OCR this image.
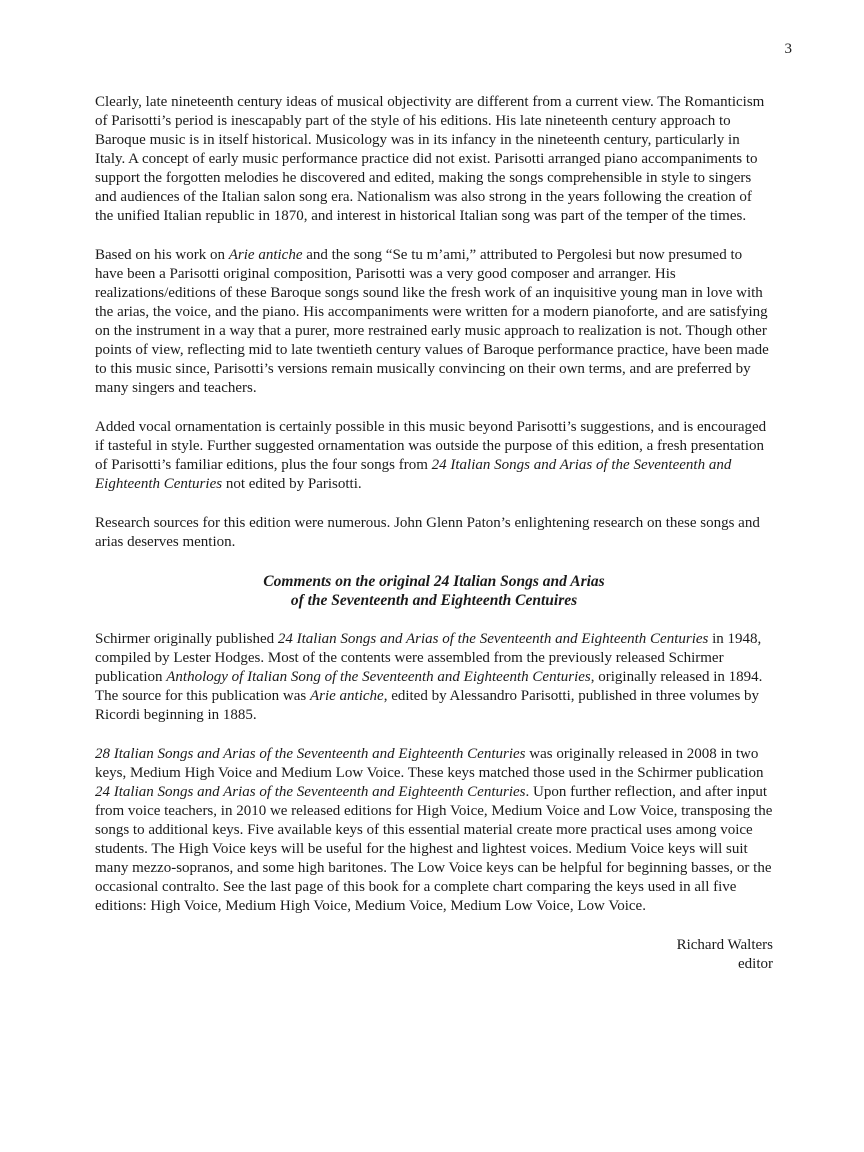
3

Clearly, late nineteenth century ideas of musical objectivity are different from a current view. The Romanticism of Parisotti’s period is inescapably part of the style of his editions. His late nineteenth century approach to Baroque music is in itself historical. Musicology was in its infancy in the nineteenth century, particularly in Italy. A concept of early music performance practice did not exist. Parisotti arranged piano accompaniments to support the forgotten melodies he discovered and edited, making the songs comprehensible in style to singers and audiences of the Italian salon song era. Nationalism was also strong in the years following the creation of the unified Italian republic in 1870, and interest in historical Italian song was part of the temper of the times.

Based on his work on Arie antiche and the song “Se tu m’ami,” attributed to Pergolesi but now presumed to have been a Parisotti original composition, Parisotti was a very good composer and arranger. His realizations/editions of these Baroque songs sound like the fresh work of an inquisitive young man in love with the arias, the voice, and the piano. His accompaniments were written for a modern pianoforte, and are satisfying on the instrument in a way that a purer, more restrained early music approach to realization is not. Though other points of view, reflecting mid to late twentieth century values of Baroque performance practice, have been made to this music since, Parisotti’s versions remain musically convincing on their own terms, and are preferred by many singers and teachers.

Added vocal ornamentation is certainly possible in this music beyond Parisotti’s suggestions, and is encouraged if tasteful in style. Further suggested ornamentation was outside the purpose of this edition, a fresh presentation of Parisotti’s familiar editions, plus the four songs from 24 Italian Songs and Arias of the Seventeenth and Eighteenth Centuries not edited by Parisotti.

Research sources for this edition were numerous. John Glenn Paton’s enlightening research on these songs and arias deserves mention.

Comments on the original 24 Italian Songs and Arias
of the Seventeenth and Eighteenth Centuires

Schirmer originally published 24 Italian Songs and Arias of the Seventeenth and Eighteenth Centuries in 1948, compiled by Lester Hodges. Most of the contents were assembled from the previously released Schirmer publication Anthology of Italian Song of the Seventeenth and Eighteenth Centuries, originally released in 1894. The source for this publication was Arie antiche, edited by Alessandro Parisotti, published in three volumes by Ricordi beginning in 1885.

28 Italian Songs and Arias of the Seventeenth and Eighteenth Centuries was originally released in 2008 in two keys, Medium High Voice and Medium Low Voice. These keys matched those used in the Schirmer publication 24 Italian Songs and Arias of the Seventeenth and Eighteenth Centuries. Upon further reflection, and after input from voice teachers, in 2010 we released editions for High Voice, Medium Voice and Low Voice, transposing the songs to additional keys. Five available keys of this essential material create more practical uses among voice students. The High Voice keys will be useful for the highest and lightest voices. Medium Voice keys will suit many mezzo-sopranos, and some high baritones. The Low Voice keys can be helpful for beginning basses, or the occasional contralto. See the last page of this book for a complete chart comparing the keys used in all five editions: High Voice, Medium High Voice, Medium Voice, Medium Low Voice, Low Voice.

Richard Walters
editor
